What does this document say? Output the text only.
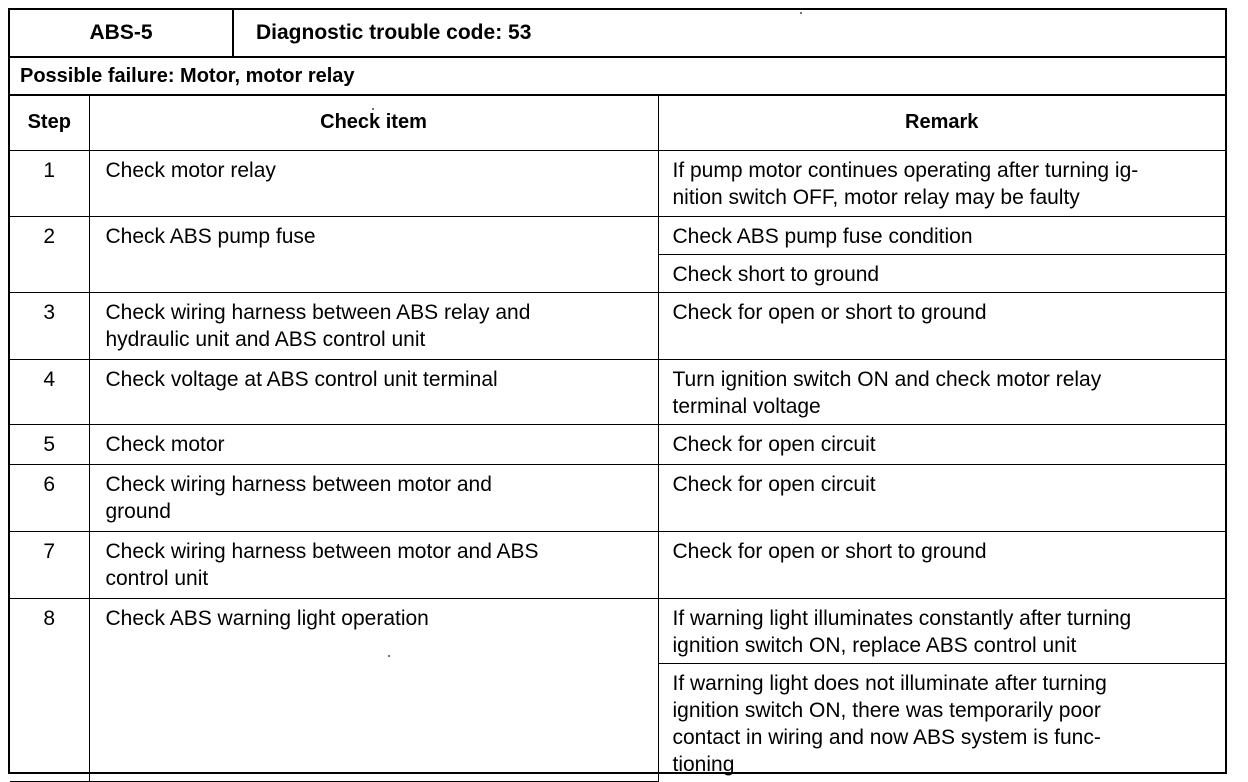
ABS-5	Diagnostic trouble code: 53
Possible failure: Motor, motor relay
Step	Check item	Remark
1	Check motor relay	If pump motor continues operating after turning ig-
nition switch OFF, motor relay may be faulty
2	Check ABS pump fuse	Check ABS pump fuse condition
		Check short to ground
3	Check wiring harness between ABS relay and
hydraulic unit and ABS control unit	Check for open or short to ground
4	Check voltage at ABS control unit terminal	Turn ignition switch ON and check motor relay
terminal voltage
5	Check motor	Check for open circuit
6	Check wiring harness between motor and
ground	Check for open circuit
7	Check wiring harness between motor and ABS
control unit	Check for open or short to ground
8	Check ABS warning light operation	If warning light illuminates constantly after turning
ignition switch ON, replace ABS control unit
		If warning light does not illuminate after turning
ignition switch ON, there was temporarily poor
contact in wiring and now ABS system is func-
tioning
